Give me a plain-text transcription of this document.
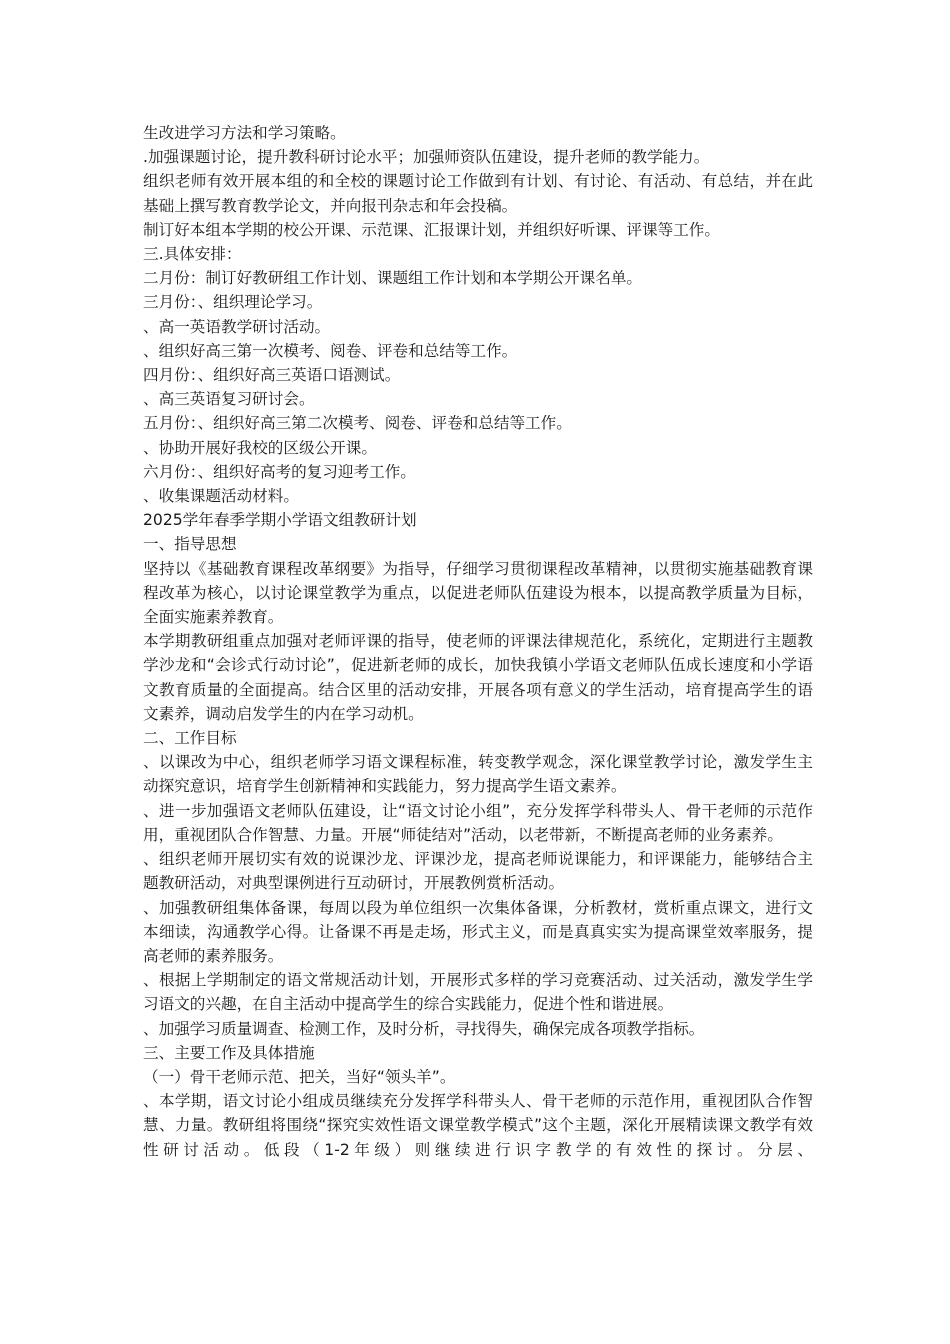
生改进学习方法和学习策略。

.加强课题讨论，提升教科研讨论水平；加强师资队伍建设，提升老师的教学能力。

组织老师有效开展本组的和全校的课题讨论工作做到有计划、有讨论、有活动、有总结，并在此基础上撰写教育教学论文，并向报刊杂志和年会投稿。

制订好本组本学期的校公开课、示范课、汇报课计划，并组织好听课、评课等工作。

三.具体安排：

二月份：制订好教研组工作计划、课题组工作计划和本学期公开课名单。

三月份：、组织理论学习。

、高一英语教学研讨活动。

、组织好高三第一次模考、阅卷、评卷和总结等工作。

四月份：、组织好高三英语口语测试。

、高三英语复习研讨会。

五月份：、组织好高三第二次模考、阅卷、评卷和总结等工作。

、协助开展好我校的区级公开课。

六月份：、组织好高考的复习迎考工作。

、收集课题活动材料。

2025学年春季学期小学语文组教研计划

一、指导思想

坚持以《基础教育课程改革纲要》为指导，仔细学习贯彻课程改革精神，以贯彻实施基础教育课程改革为核心，以讨论课堂教学为重点，以促进老师队伍建设为根本，以提高教学质量为目标，全面实施素养教育。

本学期教研组重点加强对老师评课的指导，使老师的评课法律规范化，系统化，定期进行主题教学沙龙和“会诊式行动讨论”，促进新老师的成长，加快我镇小学语文老师队伍成长速度和小学语文教育质量的全面提高。结合区里的活动安排，开展各项有意义的学生活动，培育提高学生的语文素养，调动启发学生的内在学习动机。

二、工作目标

、以课改为中心，组织老师学习语文课程标准，转变教学观念，深化课堂教学讨论，激发学生主动探究意识，培育学生创新精神和实践能力，努力提高学生语文素养。

、进一步加强语文老师队伍建设，让“语文讨论小组”，充分发挥学科带头人、骨干老师的示范作用，重视团队合作智慧、力量。开展“师徒结对”活动，以老带新，不断提高老师的业务素养。

、组织老师开展切实有效的说课沙龙、评课沙龙，提高老师说课能力，和评课能力，能够结合主题教研活动，对典型课例进行互动研讨，开展教例赏析活动。

、加强教研组集体备课，每周以段为单位组织一次集体备课，分析教材，赏析重点课文，进行文本细读，沟通教学心得。让备课不再是走场，形式主义，而是真真实实为提高课堂效率服务，提高老师的素养服务。

、根据上学期制定的语文常规活动计划，开展形式多样的学习竞赛活动、过关活动，激发学生学习语文的兴趣，在自主活动中提高学生的综合实践能力，促进个性和谐进展。

、加强学习质量调查、检测工作，及时分析，寻找得失，确保完成各项教学指标。

三、主要工作及具体措施

（一）骨干老师示范、把关，当好“领头羊”。

、本学期，语文讨论小组成员继续充分发挥学科带头人、骨干老师的示范作用，重视团队合作智慧、力量。教研组将围绕“探究实效性语文课堂教学模式”这个主题，深化开展精读课文教学有效性研讨活动。低段（1-2年级）则继续进行识字教学的有效性的探讨。分层、
